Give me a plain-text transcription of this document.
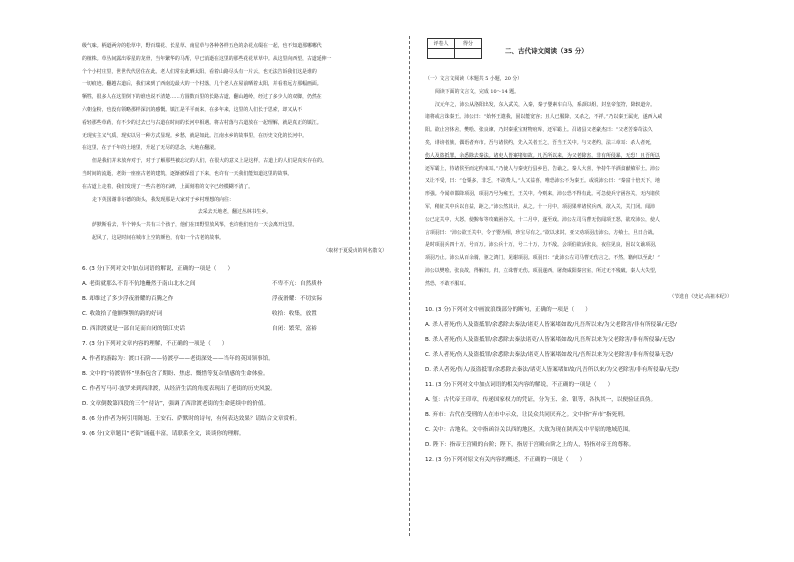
级气味。柄道两旁的松草中，野百瑞花、长星草、南星草与各种各样五色的杂花点缀在一起，也不知道那哪哪代

的植株。草丛间露出零星的龙骨，当年繁华的马帮，早已消逝在这里的那些花花草草中。从这里向西望，古道延伸一

个个小村庄里，世世代代居住在此。老人们常在此晒太阳，看着山路尽头有一片云，也无法告诉我们这是谁的

一切痕迹。翻越古道后，我们来到了西南边最大的一个村落，几个老人在屋前晒着太阳，并看着远方那幅画面。

牺牲，很多人在这里倒下的谁也说不清楚……方圆数百里的长路古道，翻山越岭，经过了多少人的双脚，仍然在

六朝金粉，也没有领略那样深沉的感慨。镇江是平平而来，在多年来，这里的人们长于思索，却又从不

看轻那些草药，有不少的过去已与古道在时间的长河中相遇。将古村落与古道放在一起理解，就是真正的镇江。

无现实主义气质，现实以另一种方式显现。乡愁，就是如此。江南水乡的故事里，在历史文化的长河中。

在这里，在子千年的土地里，升起了无尽的思念，大地在翻滚。

但是我们并未放弃对于，对于了解那些被忘记的人们，在很大的意义上是这样，古道上的人们是真实存在的。

当时间的流逝，老街一座座古老的建筑，逐渐被保留了下来，也许有一天我们能知道这里的故事。

在古道上走着，我们发现了一些古老的石碑，上面刻着的文字已经模糊不清了。

走下英国谢菲尔德的街头，我发现那是大家对于乡村理想的向往：

去采去天地老，翻过丛林书生乡。

萨默斯看去，半个钟头一共有三个孩子，他们在田野里放风筝，也许他们也有一天会离开这里。

起风了，这是时间在城市上空的颜色，有如一个古老的故事。

（取材于夏爱贞的同名散文）

6. (3 分)下列对文中加点词语的解说，正确的一项是（　　）

A. 老街就那么不肯不伉地矗然于南山北水之间	不卑不亢：自然质朴

B. 却维过了多少浮夜滑耀的百腾之作	浮夜滑耀：不切实际

C. 收敛拾了他额颚颚的韵的好词	收拾：收集，放置

D. 西津渡就是一部自足而自闭的镇江史话	自闭：繁荣，富裕

7. (3 分)下列对文章内容的理解，不正确的一项是（　　）

A. 作者的游踪为：渡口石阶——待渡亭——老街深处——当年的英国领事馆。

B. 文中的“待渡情怀”里指包含了期盼、焦虑、慨惜等复杂情感的生命体验。

C. 作者写马可·波罗来到西津渡，从经济生活的角度表现出了老街的历史风貌。

D. 文章倒数第四段的三个“待访”，强调了西津渡老街的生命延续中的价值。

8. (6 分)作者为何引用陈旭、王安石、萨默时的诗句，有何表达效果？请结合文章赏析。

9. (6 分)文章题目“老街”诵蕴丰富，请联系全文，谈谈你的理解。

评卷人	得分

二、古代诗文阅读（35 分）

（一）文言文阅读（本题共 5 小题，20 分）

阅读下面的文言文，完成 10～14 题。

汉元年之，沛公从洛阳出发，东入武关，入秦，秦子婴素车白马，系颈以组，封皇帝玺符，降轵道旁。

诸将或言诛秦王。沛公曰：“始怀王遣我，固以能宽容；且人已服降，又杀之，不祥。”乃以秦王属吏，遂西入咸

阳。欲止宫休舍，樊哙、张良谏，乃封秦重宝财物府库，还军霸上。召诸县父老豪杰曰：“父老苦秦苛法久

矣，诽谤者族，偶语者弃市。吾与诸侯约，先入关者王之，吾当王关中。与父老约，法三章耳：杀人者死，

伤人及盗抵罪。余悉除去秦法。诸吏人皆案堵如故。凡吾所以来，为父老除害，非有所侵暴，无恐！且吾所以

还军霸上，待诸侯至而定约束耳。”乃使人与秦吏行县乡邑，告谕之。秦人大喜，争持牛羊酒食献飨军士。沛公

又让不受，曰：“仓粟多，非乏，不欲费人。”人又益喜，唯恐沛公不为秦王。或说沛公曰：“秦富十倍天下，地

形强。今闻章邯降项羽，项羽乃号为雍王，王关中。今则来，沛公恐不得有此。可急使兵守函谷关，无内诸侯

军，稍征关中兵以自益，距之。”沛公然其计，从之。十一月中，项羽果率诸侯兵西，欲入关，关门闭。闻沛

公已定关中，大怒，使黥布等攻破函谷关。十二月中，遂至戏。沛公左司马曹无伤闻项王怒，欲攻沛公，使人

言项羽曰：“沛公欲王关中，令子婴为相，珍宝尽有之。”欲以求封。亚父劝项羽击沛公。方飨士，旦日合战。

是时项羽兵四十万，号百万。沛公兵十万，号二十万，力不敌。会项伯欲活张良，夜往见良，因以文谕项羽，

项羽乃止。沛公从百余骑，驱之鸿门，见谢项羽。项羽曰：“此沛公左司马曹无伤言之。不然，籍何以至此！”

沛公以樊哙、张良故，得解归。归，立诛曹无伤。项羽遂西，屠烧咸阳秦宫室，所过无不残破。秦人大失望，

然恐，不敢不服耳。

（节选自《史记·高祖本纪》）

10. (3 分)下列对文中画波浪线部分的断句，正确的一项是（　　）

A. 杀人者死/伤人及盗抵罪/余悉除去秦法/诸吏人皆案堵如故/凡吾所以来/为父老除害/非有所侵暴/无恐/

B. 杀人者死/伤人及盗抵罪/余悉除去秦法诸吏/人皆案堵如故/凡吾所以来为父老除害/非有所侵暴/无恐/

C. 杀人者死/伤人及盗抵罪/余悉除去秦法/诸吏人皆案堵如故凡/吾所以来为父老除害/非有所侵暴无恐/

D. 杀人者死/伤人/及盗抵罪/余悉除去秦法/诸吏人皆案堵如故/凡吾所以来/为父老除害/非有所侵暴/无恐/

11. (3 分)下列对文中加点词语的相关内容的解说，不正确的一项是（　　）

A. 玺：古代帝王印章，传递国家权力的凭证，分为玉、金、银等，各执其一，以便验证真伪。

B. 弃市：古代在受刑的人在市中示众，让民众共同厌弃之。文中指“弃市”指死刑。

C. 关中：古地名。文中指函谷关以西的地区，大致为现在陕西关中平原的地域范围。

D. 陛下：指帝王宫殿的台阶；陛下，指居于宫殿台阶之上的人，特指对帝王的尊称。

12. (3 分)下列对原文有关内容的概述，不正确的一项是（　　）
